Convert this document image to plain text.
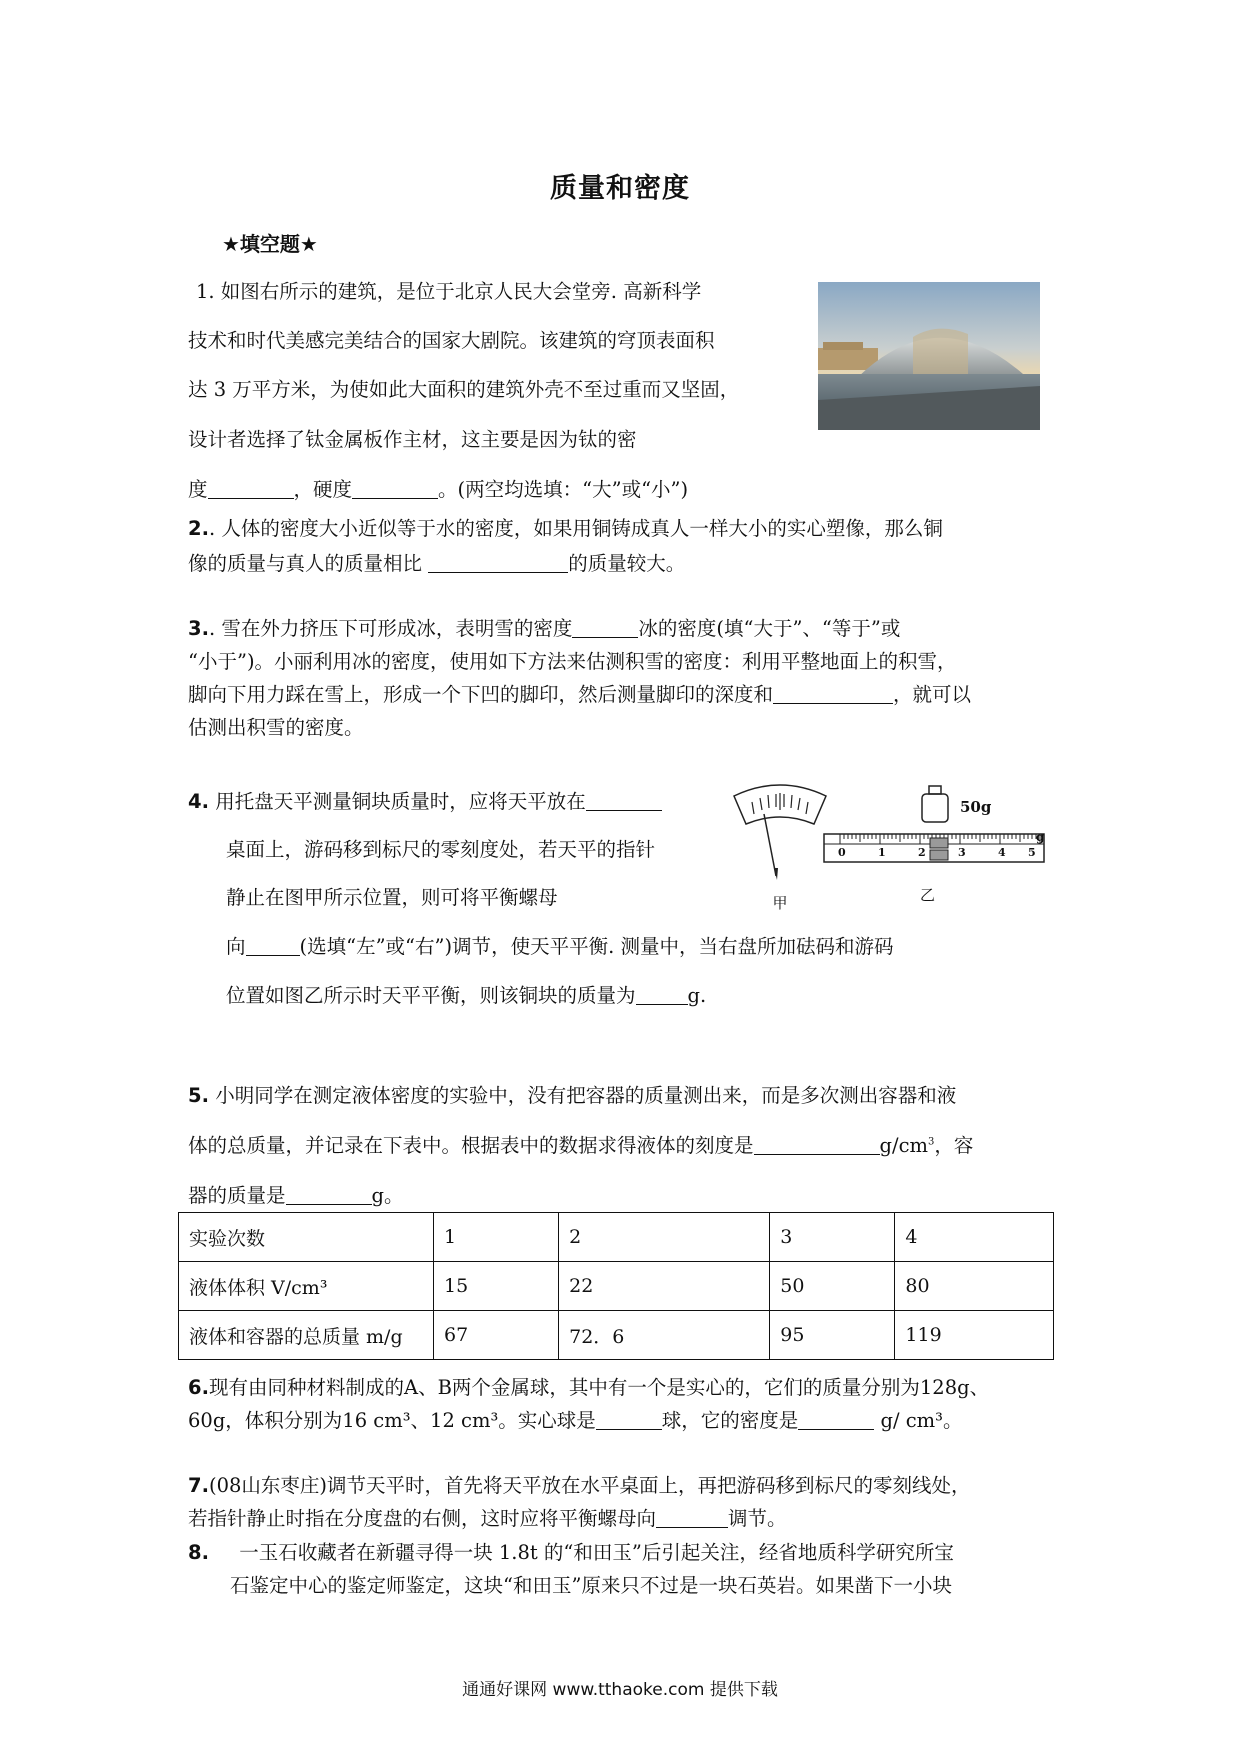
质量和密度
★填空题★
1. 如图右所示的建筑，是位于北京人民大会堂旁. 高新科学
技术和时代美感完美结合的国家大剧院。该建筑的穹顶表面积
达 3 万平方米，为使如此大面积的建筑外壳不至过重而又坚固，
设计者选择了钛金属板作主材，这主要是因为钛的密
度	，硬度	。(两空均选填：“大”或“小”)
2.. 人体的密度大小近似等于水的密度，如果用铜铸成真人一样大小的实心塑像，那么铜
像的质量与真人的质量相比	的质量较大。
3.. 雪在外力挤压下可形成冰，表明雪的密度	冰的密度(填“大于”、“等于”或
“小于”)。小丽利用冰的密度，使用如下方法来估测积雪的密度：利用平整地面上的积雪，
脚向下用力踩在雪上，形成一个下凹的脚印，然后测量脚印的深度和	，就可以
估测出积雪的密度。
4. 用托盘天平测量铜块质量时，应将天平放在
桌面上，游码移到标尺的零刻度处，若天平的指针
静止在图甲所示位置，则可将平衡螺母
向	(选填“左”或“右”)调节，使天平平衡. 测量中，当右盘所加砝码和游码
位置如图乙所示时天平平衡，则该铜块的质量为	g.
甲
50g
0	1	2	3	4 5
g
乙
5. 小明同学在测定液体密度的实验中，没有把容器的质量测出来，而是多次测出容器和液
体的总质量，并记录在下表中。根据表中的数据求得液体的刻度是	$g/cm^3$，容
器的质量是	g。
实验次数	1	2	3	4
液体体积 V/cm³	15	22	50	80
液体和容器的总质量 m/g	67	72．6	95	119
6.现有由同种材料制成的A、B两个金属球，其中有一个是实心的，它们的质量分别为128g、
60g，体积分别为16 cm³、12 cm³。实心球是	球，它的密度是	g/ cm³。
7.(08山东枣庄)调节天平时，首先将天平放在水平桌面上，再把游码移到标尺的零刻线处，
若指针静止时指在分度盘的右侧，这时应将平衡螺母向	调节。
8. 一玉石收藏者在新疆寻得一块 1.8t 的“和田玉”后引起关注，经省地质科学研究所宝
石鉴定中心的鉴定师鉴定，这块“和田玉”原来只不过是一块石英岩。如果凿下一小块
通通好课网 www.tthaoke.com 提供下载
